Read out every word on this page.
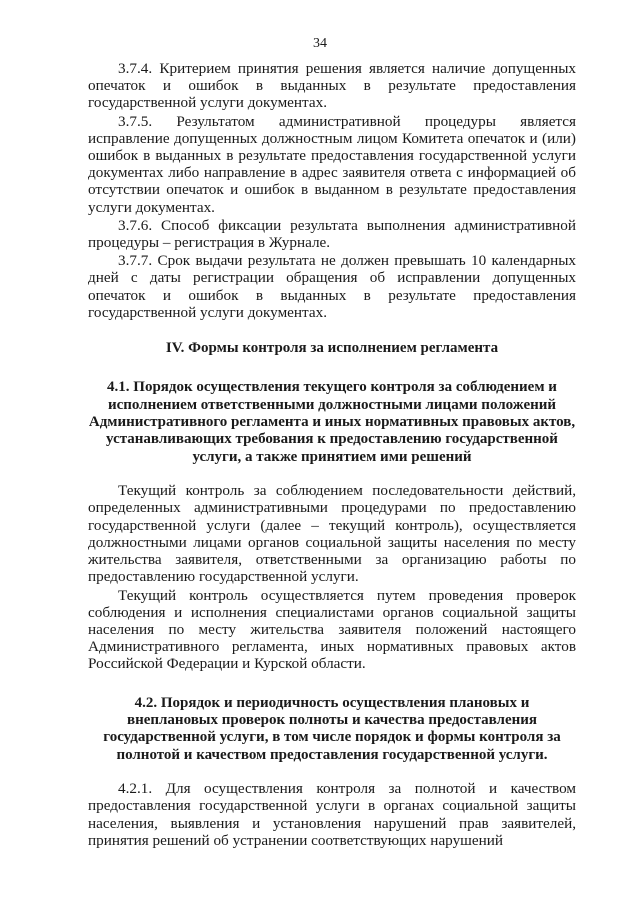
34

3.7.4. Критерием принятия решения является наличие допущенных опечаток и ошибок в выданных в результате предоставления государственной услуги документах.

3.7.5. Результатом административной процедуры является исправление допущенных должностным лицом Комитета опечаток и (или) ошибок в выданных в результате предоставления государственной услуги документах либо направление в адрес заявителя ответа с информацией об отсутствии опечаток и ошибок в выданном в результате предоставления услуги документах.

3.7.6. Способ фиксации результата выполнения административной процедуры – регистрация в Журнале.

3.7.7. Срок выдачи результата не должен превышать 10 календарных дней с даты регистрации обращения об исправлении допущенных опечаток и ошибок в выданных в результате предоставления государственной услуги документах.

IV. Формы контроля за исполнением регламента

4.1. Порядок осуществления текущего контроля за соблюдением и исполнением ответственными должностными лицами положений Административного регламента и иных нормативных правовых актов, устанавливающих требования к предоставлению государственной услуги, а также принятием ими решений

Текущий контроль за соблюдением последовательности действий, определенных административными процедурами по предоставлению государственной услуги (далее – текущий контроль), осуществляется должностными лицами органов социальной защиты населения по месту жительства заявителя, ответственными за организацию работы по предоставлению государственной услуги.

Текущий контроль осуществляется путем проведения проверок соблюдения и исполнения специалистами органов социальной защиты населения по месту жительства заявителя положений настоящего Административного регламента, иных нормативных правовых актов Российской Федерации и Курской области.

4.2. Порядок и периодичность осуществления плановых и внеплановых проверок полноты и качества предоставления государственной услуги, в том числе порядок и формы контроля за полнотой и качеством предоставления государственной услуги.

4.2.1. Для осуществления контроля за полнотой и качеством предоставления государственной услуги в органах социальной защиты населения, выявления и установления нарушений прав заявителей, принятия решений об устранении соответствующих нарушений
